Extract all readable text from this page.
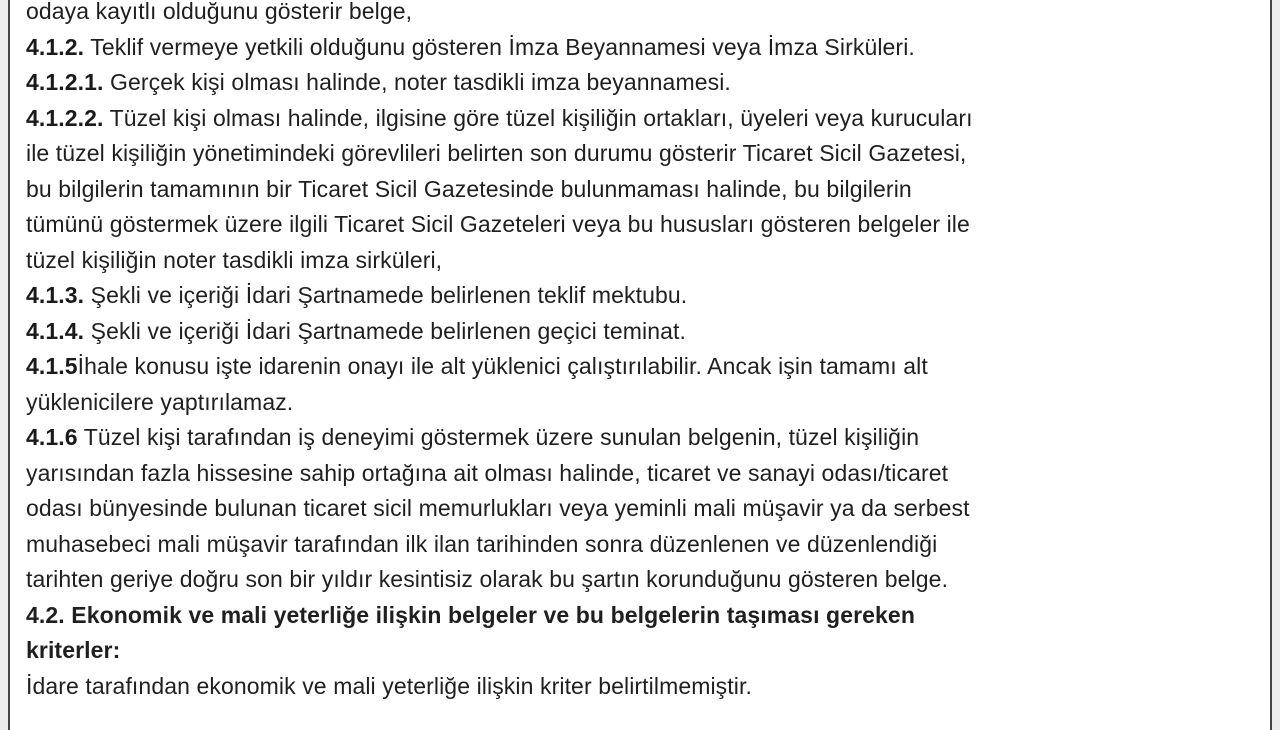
odaya kayıtlı olduğunu gösterir belge,
4.1.2. Teklif vermeye yetkili olduğunu gösteren İmza Beyannamesi veya İmza Sirküleri.
4.1.2.1. Gerçek kişi olması halinde, noter tasdikli imza beyannamesi.
4.1.2.2. Tüzel kişi olması halinde, ilgisine göre tüzel kişiliğin ortakları, üyeleri veya kurucuları
ile tüzel kişiliğin yönetimindeki görevlileri belirten son durumu gösterir Ticaret Sicil Gazetesi,
bu bilgilerin tamamının bir Ticaret Sicil Gazetesinde bulunmaması halinde, bu bilgilerin
tümünü göstermek üzere ilgili Ticaret Sicil Gazeteleri veya bu hususları gösteren belgeler ile
tüzel kişiliğin noter tasdikli imza sirküleri,
4.1.3. Şekli ve içeriği İdari Şartnamede belirlenen teklif mektubu.
4.1.4. Şekli ve içeriği İdari Şartnamede belirlenen geçici teminat.
4.1.5İhale konusu işte idarenin onayı ile alt yüklenici çalıştırılabilir. Ancak işin tamamı alt
yüklenicilere yaptırılamaz.
4.1.6 Tüzel kişi tarafından iş deneyimi göstermek üzere sunulan belgenin, tüzel kişiliğin
yarısından fazla hissesine sahip ortağına ait olması halinde, ticaret ve sanayi odası/ticaret
odası bünyesinde bulunan ticaret sicil memurlukları veya yeminli mali müşavir ya da serbest
muhasebeci mali müşavir tarafından ilk ilan tarihinden sonra düzenlenen ve düzenlendiği
tarihten geriye doğru son bir yıldır kesintisiz olarak bu şartın korunduğunu gösteren belge.
4.2. Ekonomik ve mali yeterliğe ilişkin belgeler ve bu belgelerin taşıması gereken
kriterler:
İdare tarafından ekonomik ve mali yeterliğe ilişkin kriter belirtilmemiştir.
